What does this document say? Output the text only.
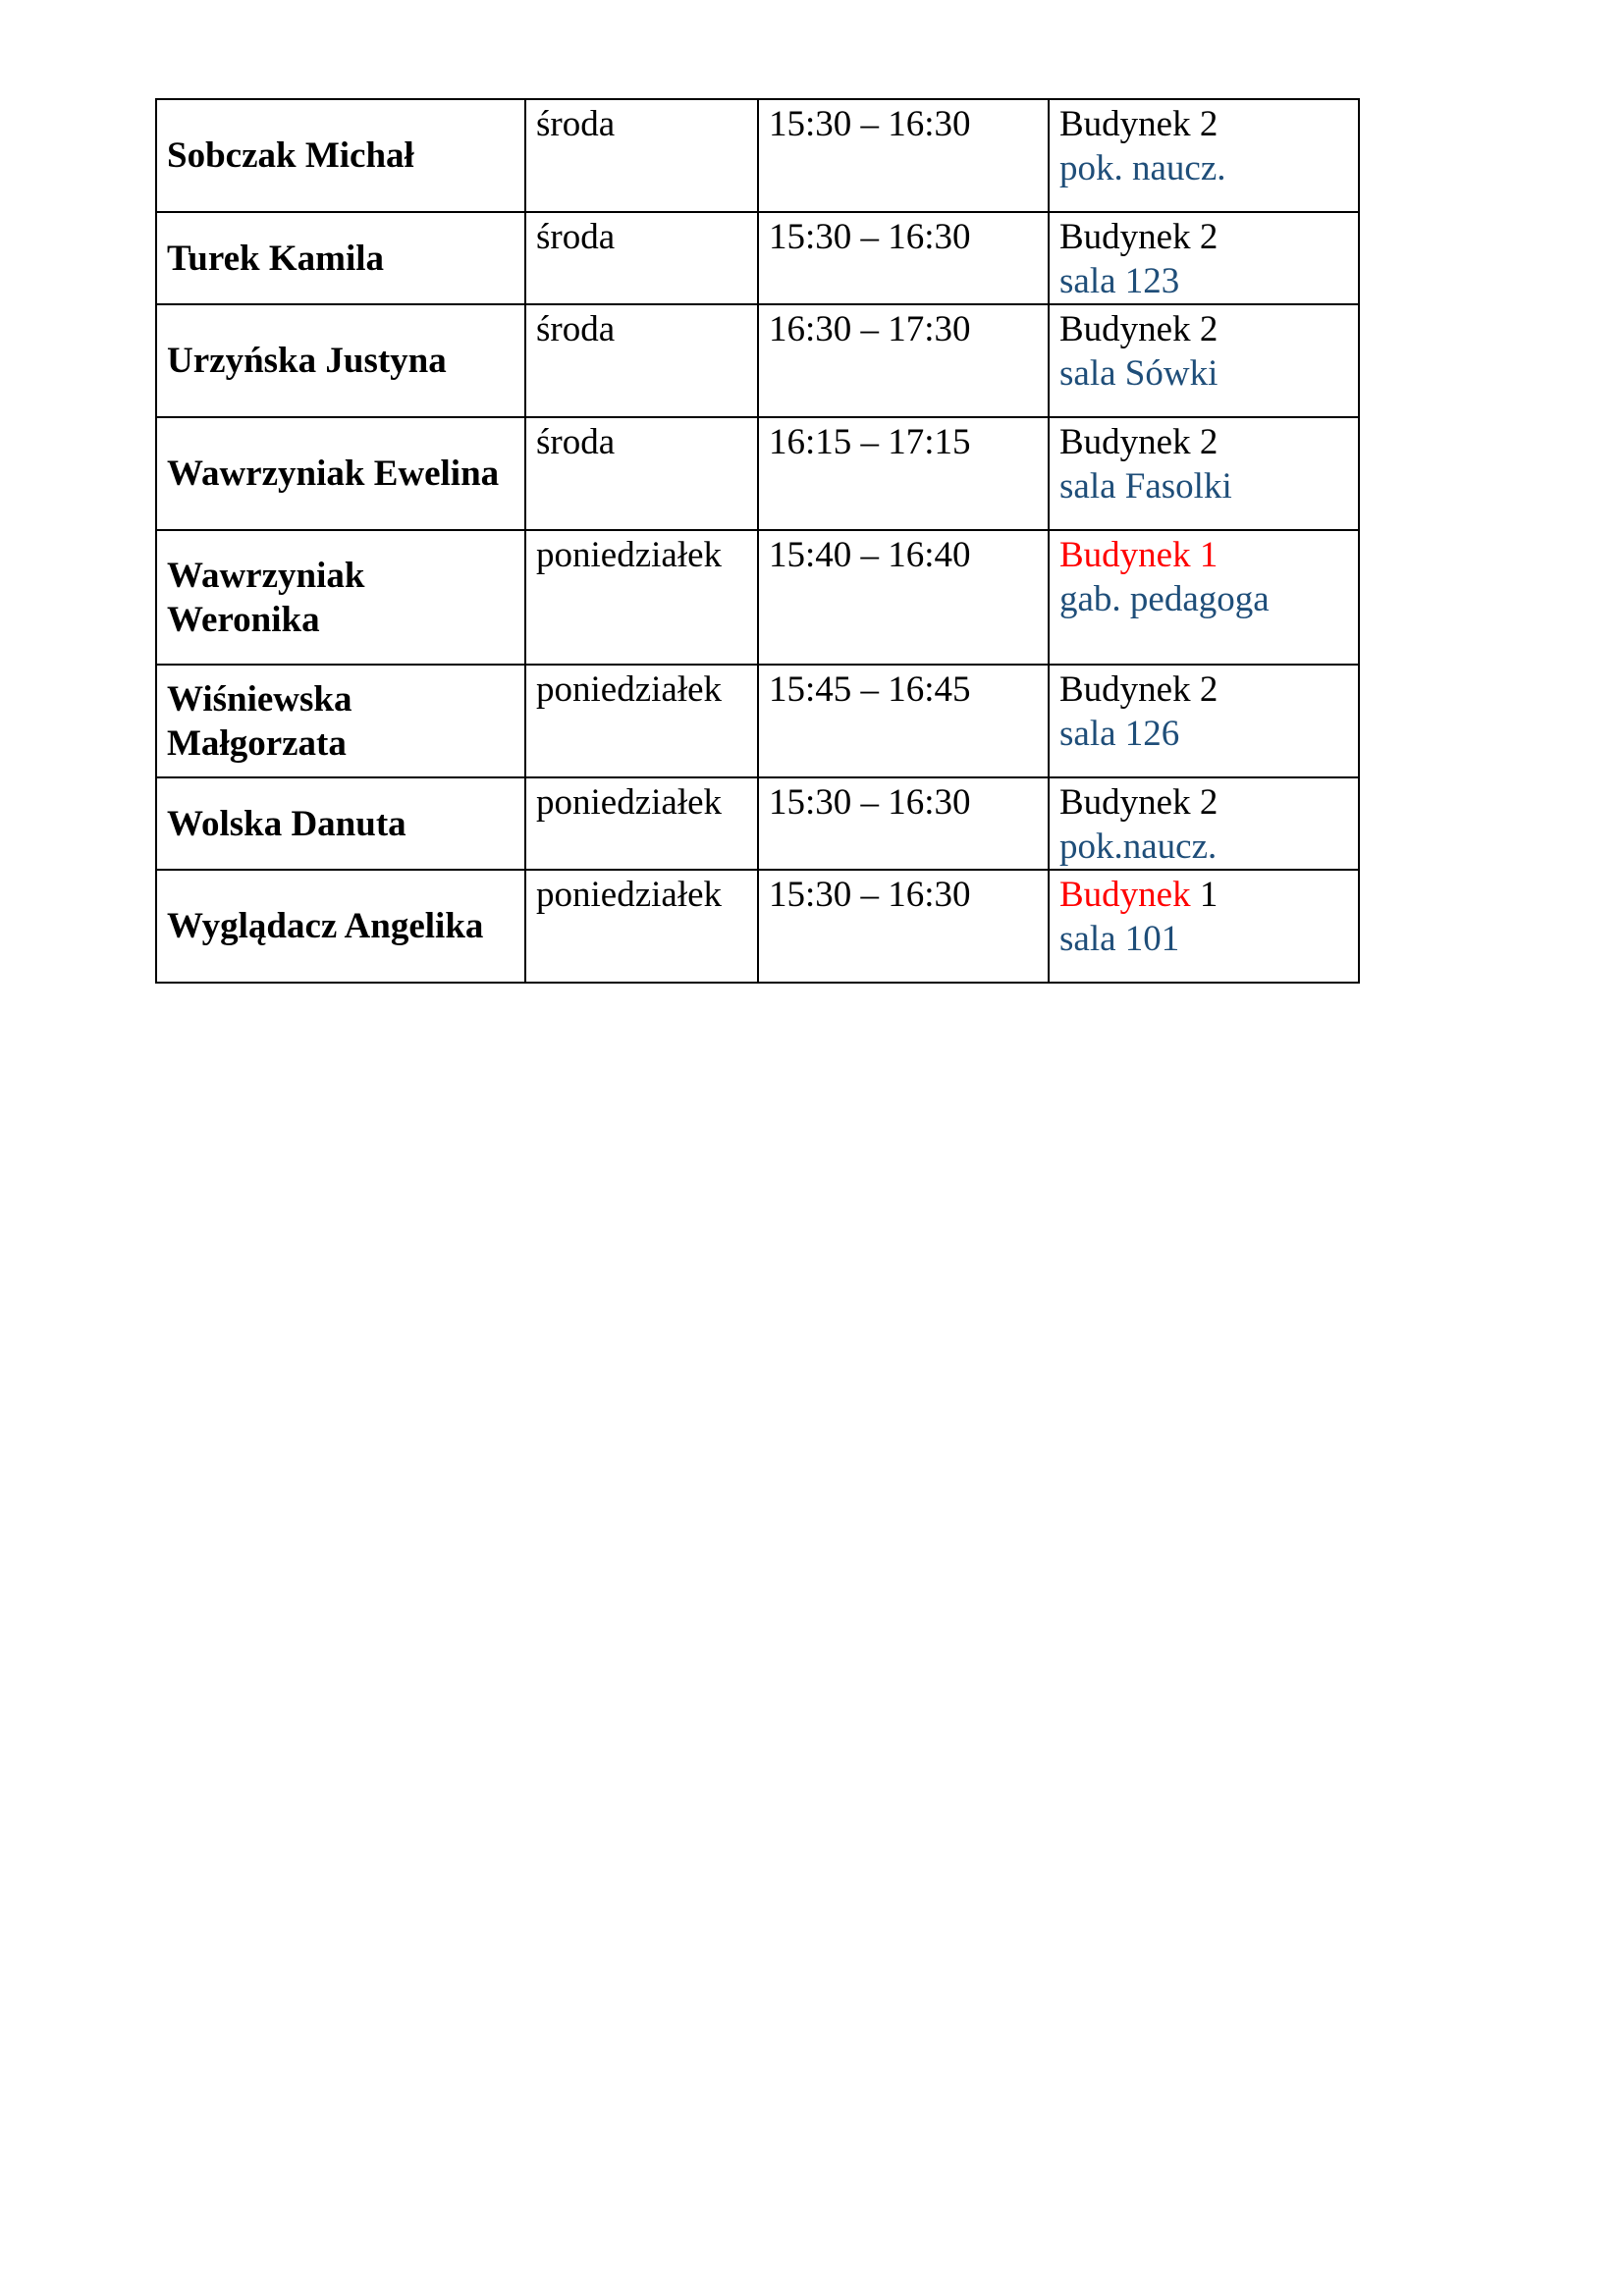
Sobczak Michał	środa	15:30 – 16:30	Budynek 2
pok. naucz.

Turek Kamila	środa	15:30 – 16:30	Budynek 2
sala 123

Urzyńska Justyna	środa	16:30 – 17:30	Budynek 2
sala Sówki

Wawrzyniak Ewelina	środa	16:15 – 17:15	Budynek 2
sala Fasolki

Wawrzyniak Weronika	poniedziałek	15:40 – 16:40	Budynek 1
gab. pedagoga

Wiśniewska Małgorzata	poniedziałek	15:45 – 16:45	Budynek 2
sala 126

Wolska Danuta	poniedziałek	15:30 – 16:30	Budynek 2
pok.naucz.

Wyglądacz Angelika	poniedziałek	15:30 – 16:30	Budynek 1
sala 101
